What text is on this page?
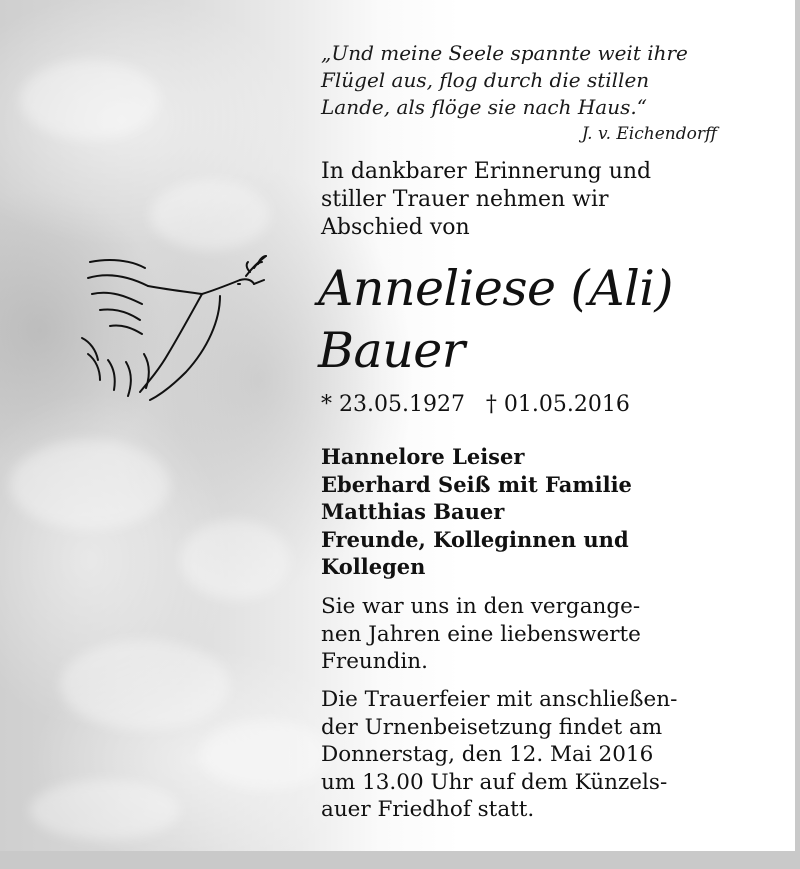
„Und meine Seele spannte weit ihre
Flügel aus, flog durch die stillen
Lande, als flöge sie nach Haus.“
J. v. Eichendorff
In dankbarer Erinnerung und
stiller Trauer nehmen wir
Abschied von
Anneliese (Ali)
Bauer
* 23.05.1927   † 01.05.2016
Hannelore Leiser
Eberhard Seiß mit Familie
Matthias Bauer
Freunde, Kolleginnen und
Kollegen
Sie war uns in den vergange-
nen Jahren eine liebenswerte
Freundin.
Die Trauerfeier mit anschließen-
der Urnenbeisetzung findet am
Donnerstag, den 12. Mai 2016
um 13.00 Uhr auf dem Künzels-
auer Friedhof statt.
